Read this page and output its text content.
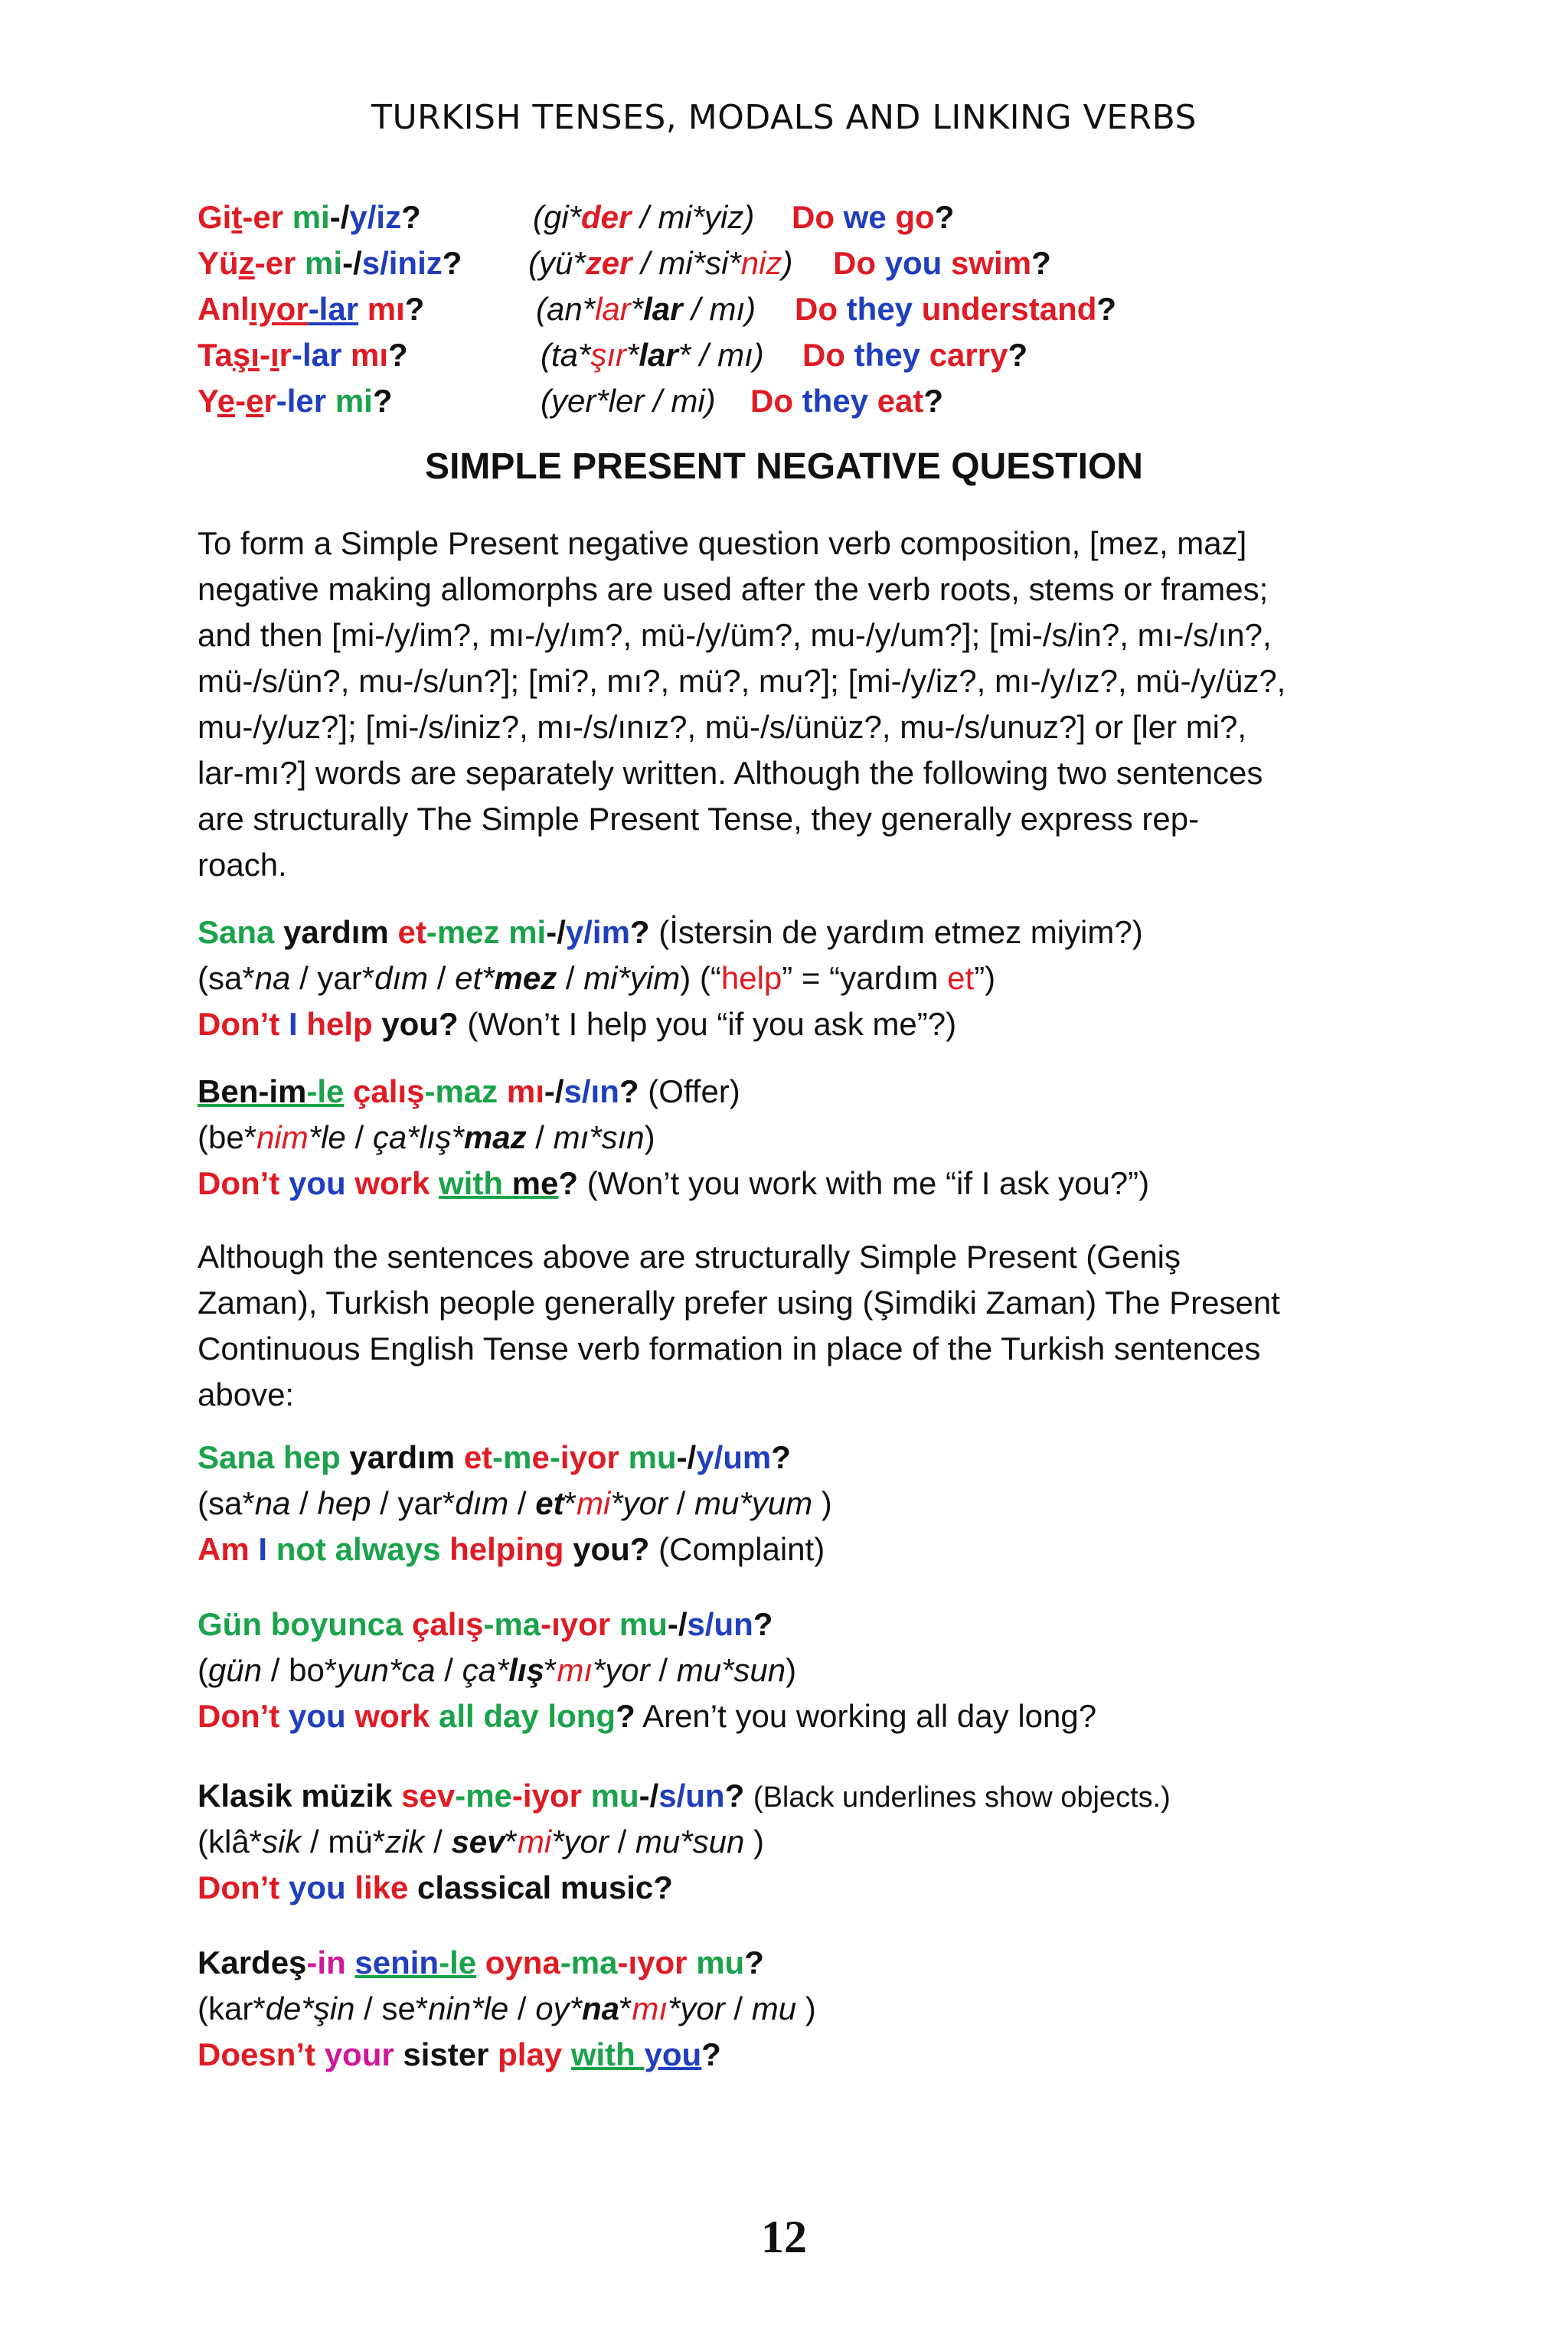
TURKISH TENSES, MODALS AND LINKING VERBS
Git-er mi-/y/iz?	(gi*der / mi*yiz) Do we go?
Yüz-er mi-/s/iniz? (yü*zer / mi*si*niz) Do you swim?
Anlıyor-lar mı?	(an*lar*lar / mı) Do they understand?
Taşı-ır-lar mı?	(ta*şır*lar* / mı) Do they carry?
Ye-er-ler mi?	(yer*ler / mi) Do they eat?
SIMPLE PRESENT NEGATIVE QUESTION
To form a Simple Present negative question verb composition, [mez, maz]
negative making allomorphs are used after the verb roots, stems or frames;
and then [mi-/y/im?, mı-/y/ım?, mü-/y/üm?, mu-/y/um?]; [mi-/s/in?, mı-/s/ın?,
mü-/s/ün?, mu-/s/un?]; [mi?, mı?, mü?, mu?]; [mi-/y/iz?, mı-/y/ız?, mü-/y/üz?,
mu-/y/uz?]; [mi-/s/iniz?, mı-/s/ınız?, mü-/s/ünüz?, mu-/s/unuz?] or [ler mi?,
lar-mı?] words are separately written. Although the following two sentences
are structurally The Simple Present Tense, they generally express rep-
roach.
Sana yardım et-mez mi-/y/im? (İstersin de yardım etmez miyim?)
(sa*na / yar*dım / et*mez / mi*yim) (“help” = “yardım et”)
Don’t I help you? (Won’t I help you “if you ask me”?)
Ben-im-le çalış-maz mı-/s/ın? (Offer)
(be*nim*le / ça*lış*maz / mı*sın)
Don’t you work with me? (Won’t you work with me “if I ask you?”)
Although the sentences above are structurally Simple Present (Geniş
Zaman), Turkish people generally prefer using (Şimdiki Zaman) The Present
Continuous English Tense verb formation in place of the Turkish sentences
above:
Sana hep yardım et-me-iyor mu-/y/um?
(sa*na / hep / yar*dım / et*mi*yor / mu*yum )
Am I not always helping you? (Complaint)
Gün boyunca çalış-ma-ıyor mu-/s/un?
(gün / bo*yun*ca / ça*lış*mı*yor / mu*sun)
Don’t you work all day long? Aren’t you working all day long?
Klasik müzik sev-me-iyor mu-/s/un? (Black underlines show objects.)
(klâ*sik / mü*zik / sev*mi*yor / mu*sun )
Don’t you like classical music?
Kardeş-in senin-le oyna-ma-ıyor mu?
(kar*de*şin / se*nin*le / oy*na*mı*yor / mu )
Doesn’t your sister play with you?
12
